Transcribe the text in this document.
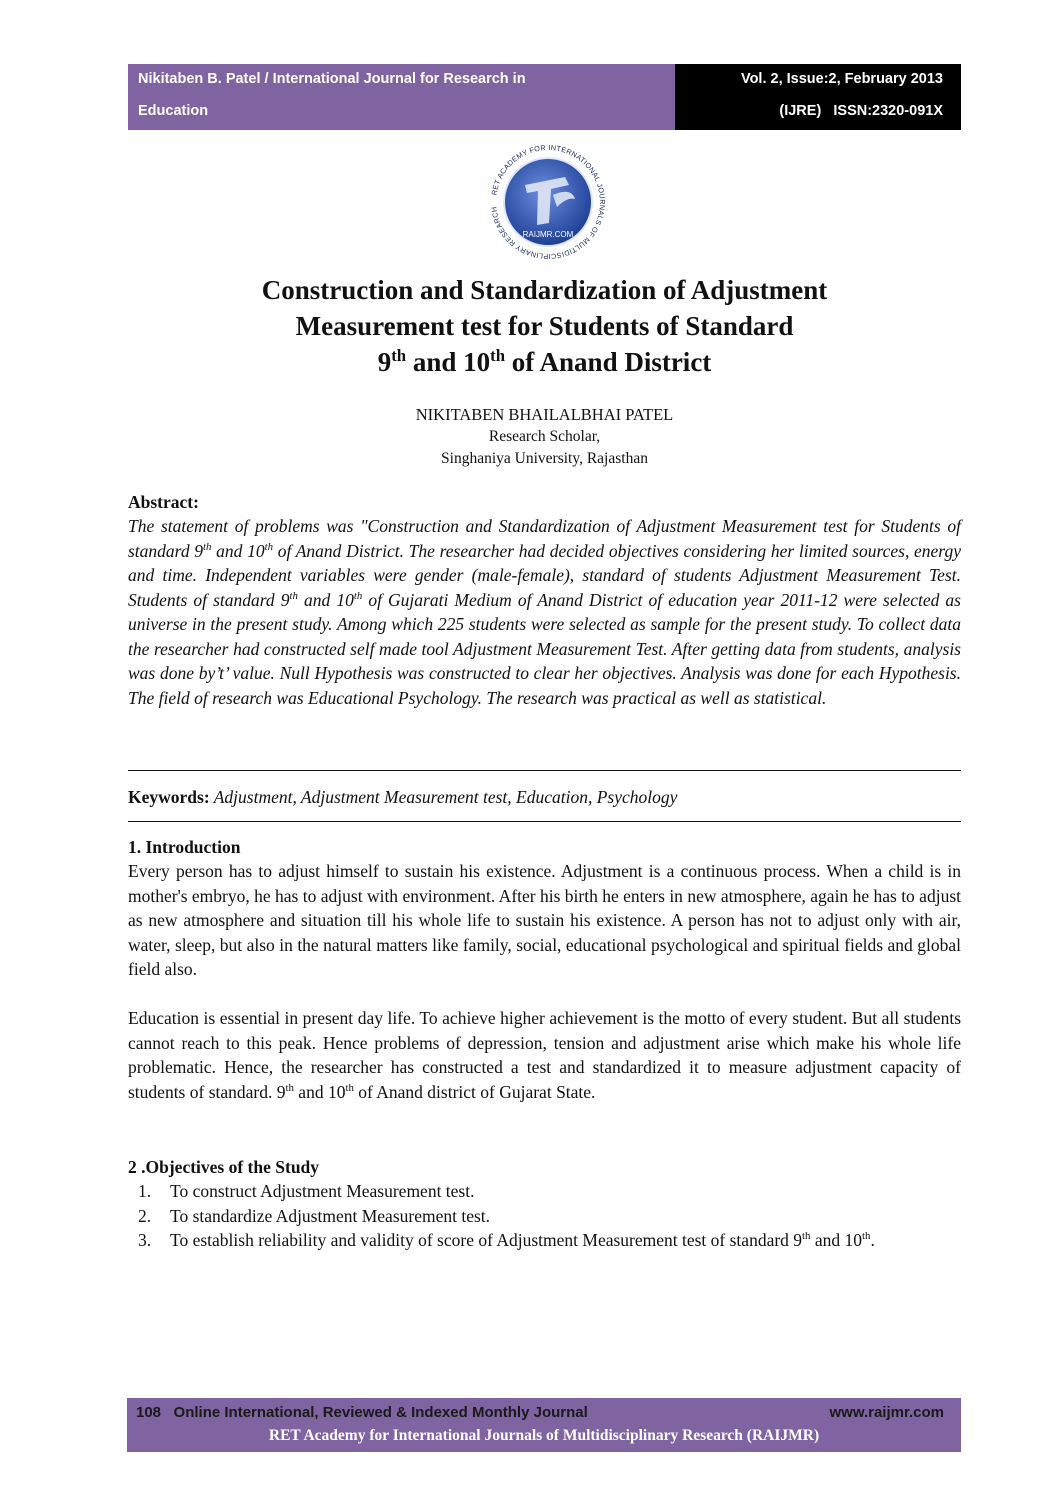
Nikitaben B. Patel / International Journal for Research in
Education
Vol. 2, Issue:2, February 2013
(IJRE)   ISSN:2320-091X
RAIJMR.COM
RET ACADEMY FOR INTERNATIONAL JOURNALS OF MULTIDISCIPLINARY RESEARCH
Construction and Standardization of Adjustment
Measurement test for Students of Standard
9th and 10th of Anand District
NIKITABEN BHAILALBHAI PATEL
Research Scholar,
Singhaniya University, Rajasthan
Abstract:
The statement of problems was "Construction and Standardization of Adjustment Measurement test for Students of standard 9th and 10th of Anand District. The researcher had decided objectives considering her limited sources, energy and time. Independent variables were gender (male-female), standard of students Adjustment Measurement Test. Students of standard 9th and 10th of Gujarati Medium of Anand District of education year 2011-12 were selected as universe in the present study. Among which 225 students were selected as sample for the present study. To collect data the researcher had constructed self made tool Adjustment Measurement Test. After getting data from students, analysis was done by’t’ value. Null Hypothesis was constructed to clear her objectives. Analysis was done for each Hypothesis. The field of research was Educational Psychology. The research was practical as well as statistical.
Keywords: Adjustment, Adjustment Measurement test, Education, Psychology
1. Introduction
Every person has to adjust himself to sustain his existence. Adjustment is a continuous process. When a child is in mother's embryo, he has to adjust with environment. After his birth he enters in new atmosphere, again he has to adjust as new atmosphere and situation till his whole life to sustain his existence. A person has not to adjust only with air, water, sleep, but also in the natural matters like family, social, educational psychological and spiritual fields and global field also.
Education is essential in present day life. To achieve higher achievement is the motto of every student. But all students cannot reach to this peak. Hence problems of depression, tension and adjustment arise which make his whole life problematic. Hence, the researcher has constructed a test and standardized it to measure adjustment capacity of students of standard. 9th and 10th of Anand district of Gujarat State.
2 .Objectives of the Study
1. To construct Adjustment Measurement test.
2. To standardize Adjustment Measurement test.
3. To establish reliability and validity of score of Adjustment Measurement test of standard 9th and 10th.
108 Online International, Reviewed & Indexed Monthly Journal	www.raijmr.com
RET Academy for International Journals of Multidisciplinary Research (RAIJMR)
